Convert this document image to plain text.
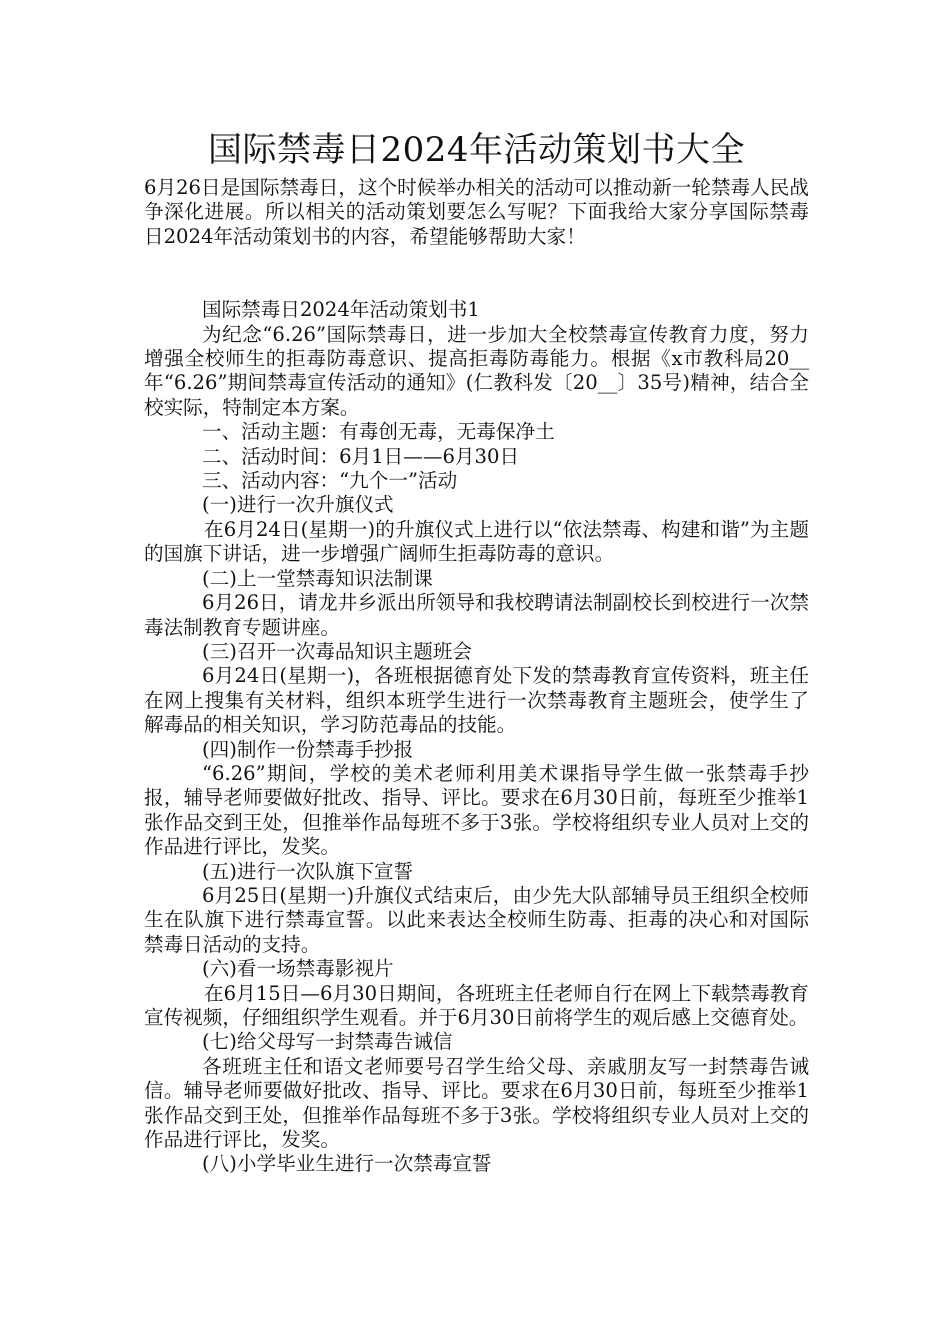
国际禁毒日2024年活动策划书大全

6月26日是国际禁毒日，这个时候举办相关的活动可以推动新一轮禁毒人民战争深化进展。所以相关的活动策划要怎么写呢？下面我给大家分享国际禁毒日2024年活动策划书的内容，希望能够帮助大家！

国际禁毒日2024年活动策划书1

为纪念“6.26”国际禁毒日，进一步加大全校禁毒宣传教育力度，努力增强全校师生的拒毒防毒意识、提高拒毒防毒能力。根据《x市教科局20__年“6.26”期间禁毒宣传活动的通知》(仁教科发〔20__〕35号)精神，结合全校实际，特制定本方案。

一、活动主题：有毒创无毒，无毒保净土

二、活动时间：6月1日——6月30日

三、活动内容：“九个一”活动

(一)进行一次升旗仪式

在6月24日(星期一)的升旗仪式上进行以“依法禁毒、构建和谐”为主题的国旗下讲话，进一步增强广阔师生拒毒防毒的意识。

(二)上一堂禁毒知识法制课

6月26日，请龙井乡派出所领导和我校聘请法制副校长到校进行一次禁毒法制教育专题讲座。

(三)召开一次毒品知识主题班会

6月24日(星期一)，各班根据德育处下发的禁毒教育宣传资料，班主任在网上搜集有关材料，组织本班学生进行一次禁毒教育主题班会，使学生了解毒品的相关知识，学习防范毒品的技能。

(四)制作一份禁毒手抄报

“6.26”期间，学校的美术老师利用美术课指导学生做一张禁毒手抄报，辅导老师要做好批改、指导、评比。要求在6月30日前，每班至少推举1张作品交到王处，但推举作品每班不多于3张。学校将组织专业人员对上交的作品进行评比，发奖。

(五)进行一次队旗下宣誓

6月25日(星期一)升旗仪式结束后，由少先大队部辅导员王组织全校师生在队旗下进行禁毒宣誓。以此来表达全校师生防毒、拒毒的决心和对国际禁毒日活动的支持。

(六)看一场禁毒影视片

在6月15日—6月30日期间，各班班主任老师自行在网上下载禁毒教育宣传视频，仔细组织学生观看。并于6月30日前将学生的观后感上交德育处。

(七)给父母写一封禁毒告诫信

各班班主任和语文老师要号召学生给父母、亲戚朋友写一封禁毒告诫信。辅导老师要做好批改、指导、评比。要求在6月30日前，每班至少推举1张作品交到王处，但推举作品每班不多于3张。学校将组织专业人员对上交的作品进行评比，发奖。

(八)小学毕业生进行一次禁毒宣誓
